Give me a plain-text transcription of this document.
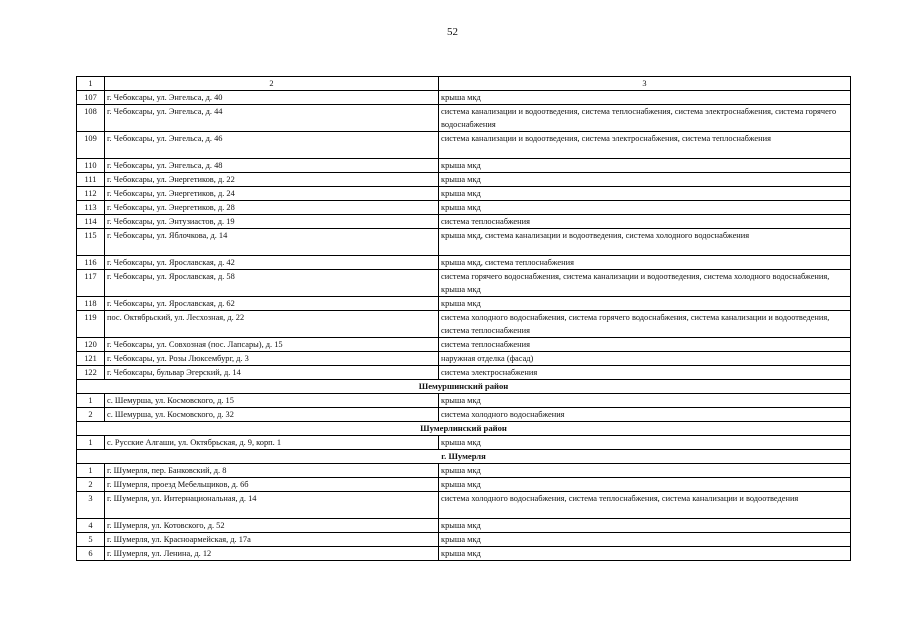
52
1	2	3
107	г. Чебоксары, ул. Энгельса, д. 40	крыша мкд
108	г. Чебоксары, ул. Энгельса, д. 44	система канализации и водоотведения, система теплоснабжения, система электроснабжения, система горячего водоснабжения
109	г. Чебоксары, ул. Энгельса, д. 46	система канализации и водоотведения, система электроснабжения, система теплоснабжения
110	г. Чебоксары, ул. Энгельса, д. 48	крыша мкд
111	г. Чебоксары, ул. Энергетиков, д. 22	крыша мкд
112	г. Чебоксары, ул. Энергетиков, д. 24	крыша мкд
113	г. Чебоксары, ул. Энергетиков, д. 28	крыша мкд
114	г. Чебоксары, ул. Энтузиастов, д. 19	система теплоснабжения
115	г. Чебоксары, ул. Яблочкова, д. 14	крыша мкд, система канализации и водоотведения, система холодного водоснабжения
116	г. Чебоксары, ул. Ярославская, д. 42	крыша мкд, система теплоснабжения
117	г. Чебоксары, ул. Ярославская, д. 58	система горячего водоснабжения, система канализации и водоотведения, система холодного водоснабжения, крыша мкд
118	г. Чебоксары, ул. Ярославская, д. 62	крыша мкд
119	пос. Октябрьский, ул. Лесхозная, д. 22	система холодного водоснабжения, система горячего водоснабжения, система канализации и водоотведения, система теплоснабжения
120	г. Чебоксары, ул. Совхозная (пос. Лапсары), д. 15	система теплоснабжения
121	г. Чебоксары, ул. Розы Люксембург, д. 3	наружная отделка (фасад)
122	г. Чебоксары, бульвар Эгерский, д. 14	система электроснабжения
Шемуршинский район		
1	с. Шемурша, ул. Космовского, д. 15	крыша мкд
2	с. Шемурша, ул. Космовского, д. 32	система холодного водоснабжения
Шумерлинский район		
1	с. Русские Алгаши, ул. Октябрьская, д. 9, корп. 1	крыша мкд
г. Шумерля		
1	г. Шумерля, пер. Банковский, д. 8	крыша мкд
2	г. Шумерля, проезд Мебельщиков, д. 6б	крыша мкд
3	г. Шумерля, ул. Интернациональная, д. 14	система холодного водоснабжения, система теплоснабжения, система канализации и водоотведения
4	г. Шумерля, ул. Котовского, д. 52	крыша мкд
5	г. Шумерля, ул. Красноармейская, д. 17а	крыша мкд
6	г. Шумерля, ул. Ленина, д. 12	крыша мкд
